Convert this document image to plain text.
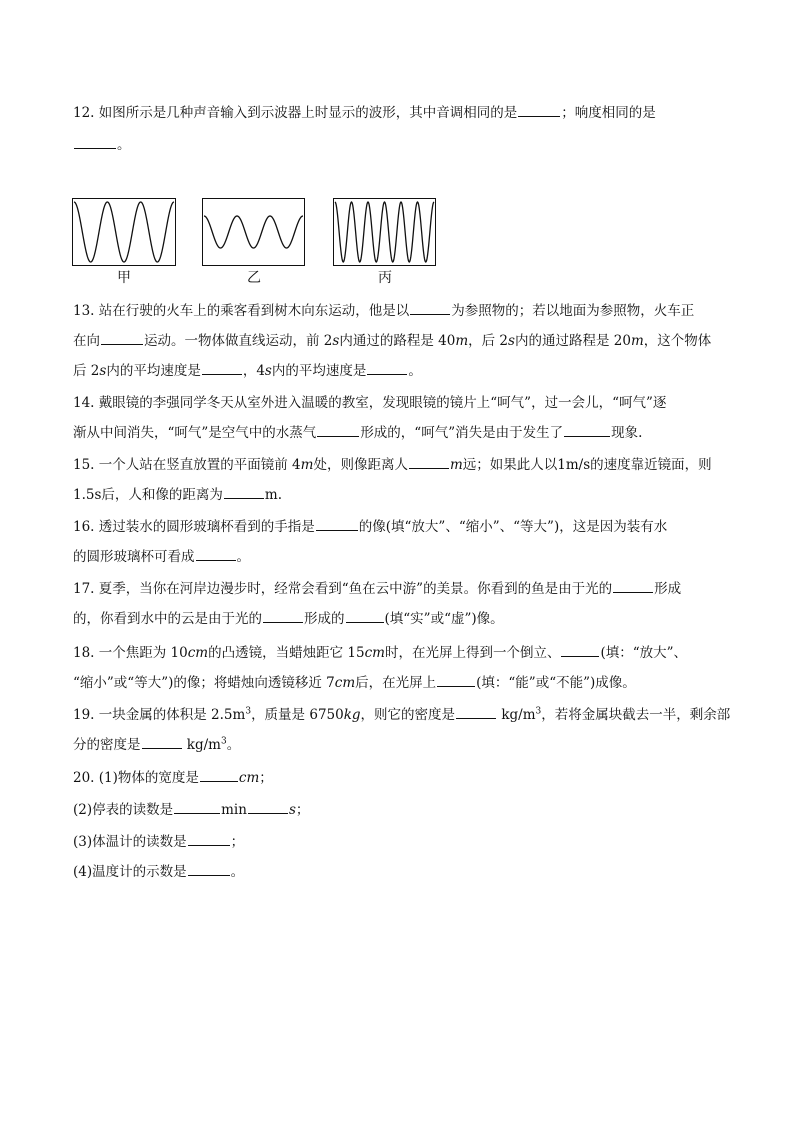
12. 如图所示是几种声音输入到示波器上时显示的波形，其中音调相同的是	；响度相同的是
。
甲	乙	丙
13. 站在行驶的火车上的乘客看到树木向东运动，他是以	为参照物的；若以地面为参照物，火车正
在向	运动。一物体做直线运动，前 2s内通过的路程是 40m，后 2s内的通过路程是 20m，这个物体
后 2s内的平均速度是	，4s内的平均速度是	。
14. 戴眼镜的李强同学冬天从室外进入温暖的教室，发现眼镜的镜片上“呵气”，过一会儿，“呵气”逐
渐从中间消失，“呵气”是空气中的水蒸气	形成的，“呵气”消失是由于发生了	现象.
15. 一个人站在竖直放置的平面镜前 4m处，则像距离人	m远；如果此人以1m/s的速度靠近镜面，则
1.5s后，人和像的距离为	m.
16. 透过装水的圆形玻璃杯看到的手指是	的像(填“放大”、“缩小”、“等大”)，这是因为装有水
的圆形玻璃杯可看成	。
17. 夏季，当你在河岸边漫步时，经常会看到“鱼在云中游”的美景。你看到的鱼是由于光的	形成
的，你看到水中的云是由于光的	形成的	(填“实”或“虚”)像。
18. 一个焦距为 10cm的凸透镜，当蜡烛距它 15cm时，在光屏上得到一个倒立、	(填：“放大”、
“缩小”或“等大”)的像；将蜡烛向透镜移近 7cm后，在光屏上	(填：“能”或“不能”)成像。
19. 一块金属的体积是 $2.5m^3$，质量是 6750kg，则它的密度是	$kg/m^3$，若将金属块截去一半，剩余部
分的密度是	$kg/m^3$。
20. (1)物体的宽度是	cm；
(2)停表的读数是	min	s；
(3)体温计的读数是	；
(4)温度计的示数是	。
